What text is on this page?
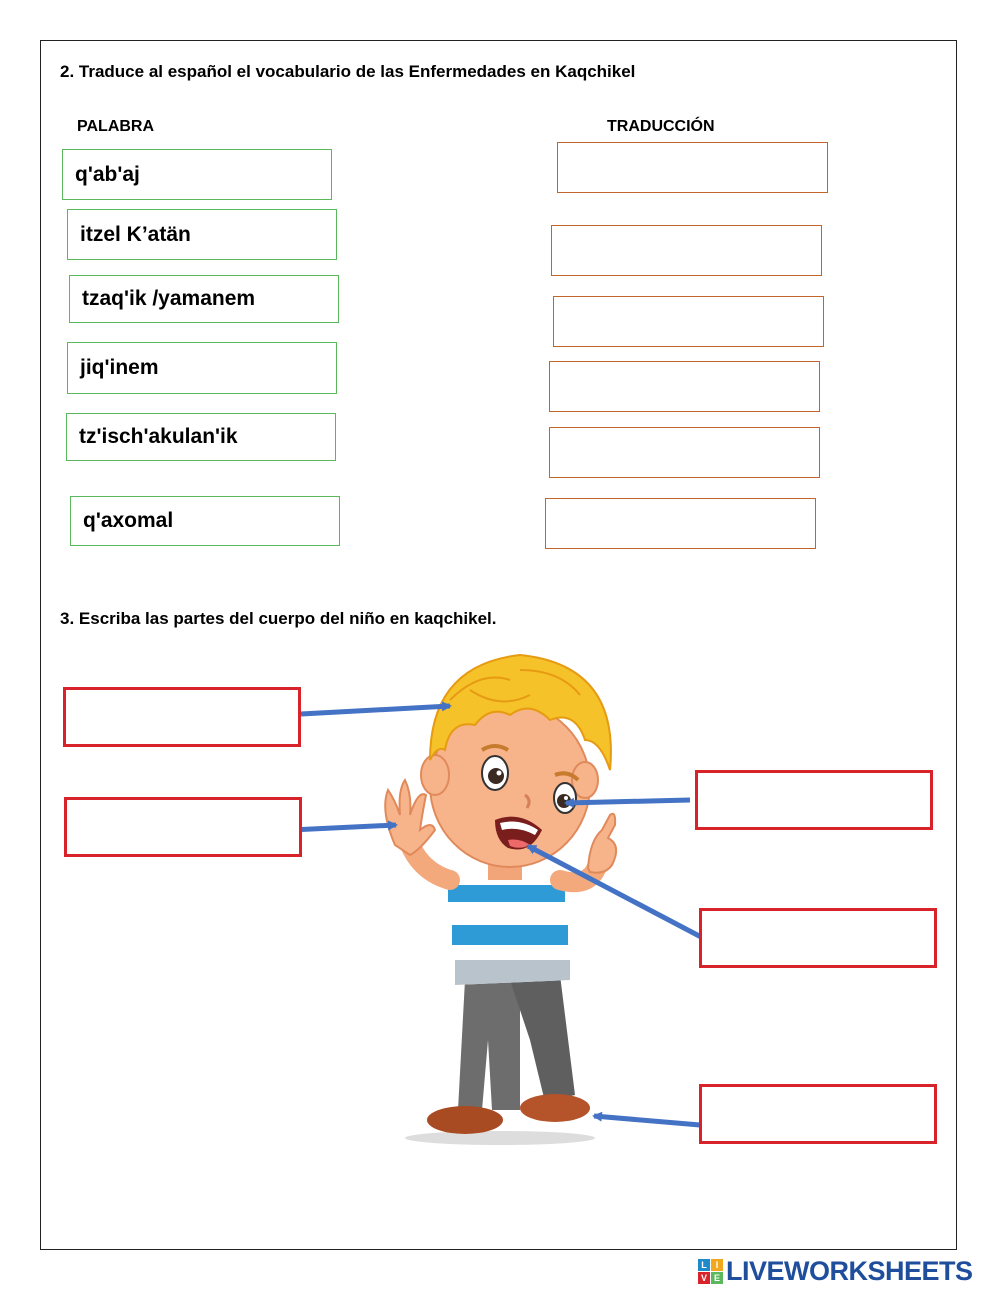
2. Traduce al español el vocabulario de las Enfermedades en Kaqchikel
PALABRA	TRADUCCIÓN
q'ab'aj
itzel K’atän
tzaq'ik /yamanem
jiq'inem
tz'isch'akulan'ik
q'axomal
3. Escriba las partes del cuerpo del niño en kaqchikel.
L I
V E LIVEWORKSHEETS
